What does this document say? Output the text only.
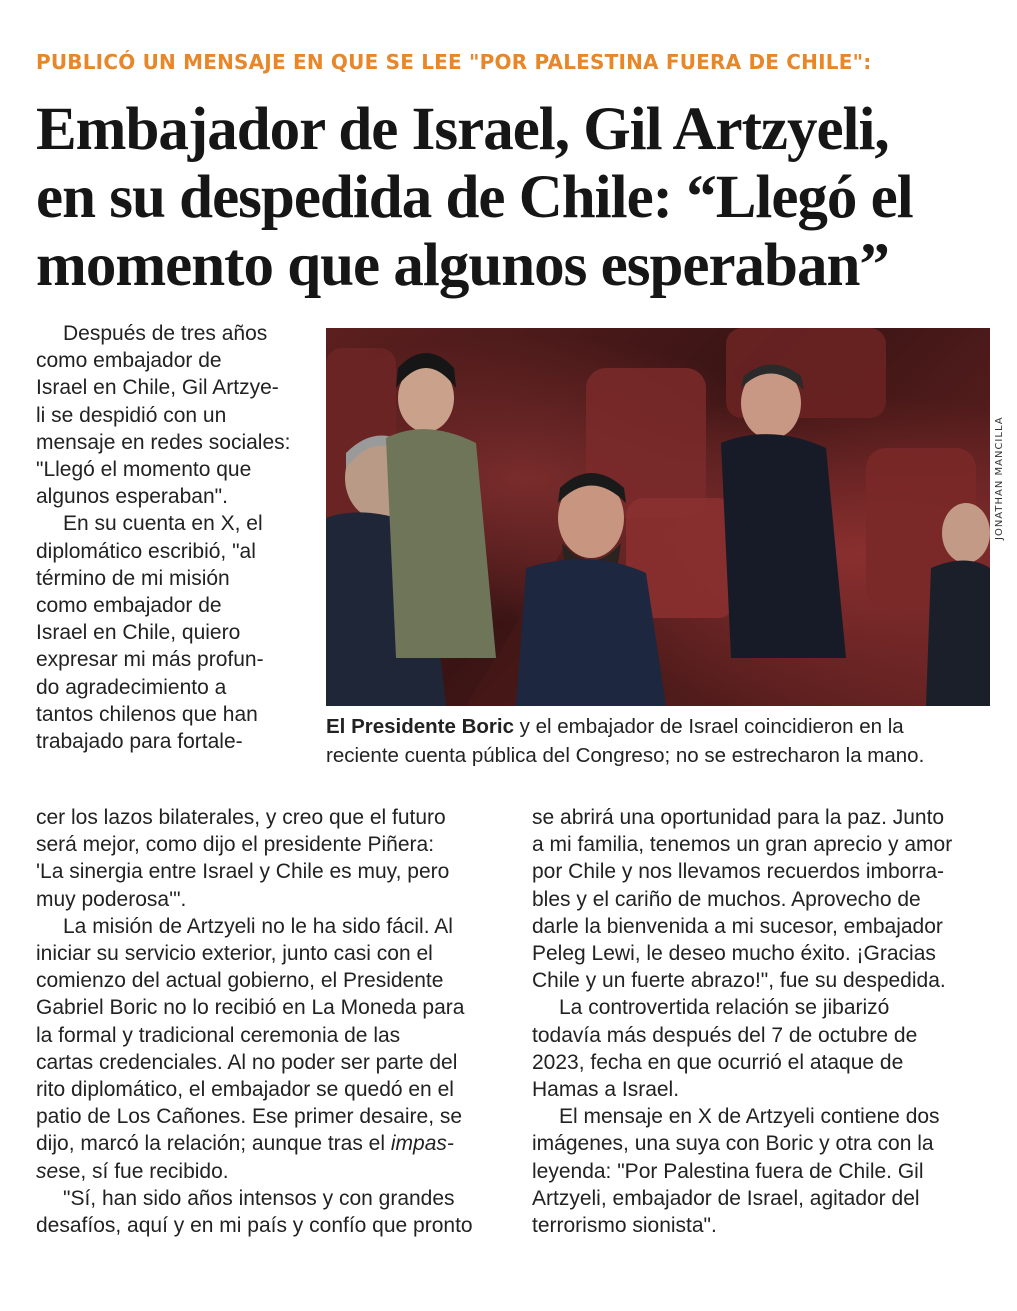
PUBLICÓ UN MENSAJE EN QUE SE LEE "POR PALESTINA FUERA DE CHILE":
Embajador de Israel, Gil Artzyeli,
en su despedida de Chile: “Llegó el
momento que algunos esperaban”
JONATHAN MANCILLA
El Presidente Boric y el embajador de Israel coincidieron en la
reciente cuenta pública del Congreso; no se estrecharon la mano.
Después de tres años
como embajador de
Israel en Chile, Gil Artzye-
li se despidió con un
mensaje en redes sociales:
"Llegó el momento que
algunos esperaban".
En su cuenta en X, el
diplomático escribió, "al
término de mi misión
como embajador de
Israel en Chile, quiero
expresar mi más profun-
do agradecimiento a
tantos chilenos que han
trabajado para fortale-
cer los lazos bilaterales, y creo que el futuro
será mejor, como dijo el presidente Piñera:
'La sinergia entre Israel y Chile es muy, pero
muy poderosa'".
La misión de Artzyeli no le ha sido fácil. Al
iniciar su servicio exterior, junto casi con el
comienzo del actual gobierno, el Presidente
Gabriel Boric no lo recibió en La Moneda para
la formal y tradicional ceremonia de las
cartas credenciales. Al no poder ser parte del
rito diplomático, el embajador se quedó en el
patio de Los Cañones. Ese primer desaire, se
dijo, marcó la relación; aunque tras el impas-
sese, sí fue recibido.
"Sí, han sido años intensos y con grandes
desafíos, aquí y en mi país y confío que pronto
se abrirá una oportunidad para la paz. Junto
a mi familia, tenemos un gran aprecio y amor
por Chile y nos llevamos recuerdos imborra-
bles y el cariño de muchos. Aprovecho de
darle la bienvenida a mi sucesor, embajador
Peleg Lewi, le deseo mucho éxito. ¡Gracias
Chile y un fuerte abrazo!", fue su despedida.
La controvertida relación se jibarizó
todavía más después del 7 de octubre de
2023, fecha en que ocurrió el ataque de
Hamas a Israel.
El mensaje en X de Artzyeli contiene dos
imágenes, una suya con Boric y otra con la
leyenda: "Por Palestina fuera de Chile. Gil
Artzyeli, embajador de Israel, agitador del
terrorismo sionista".
